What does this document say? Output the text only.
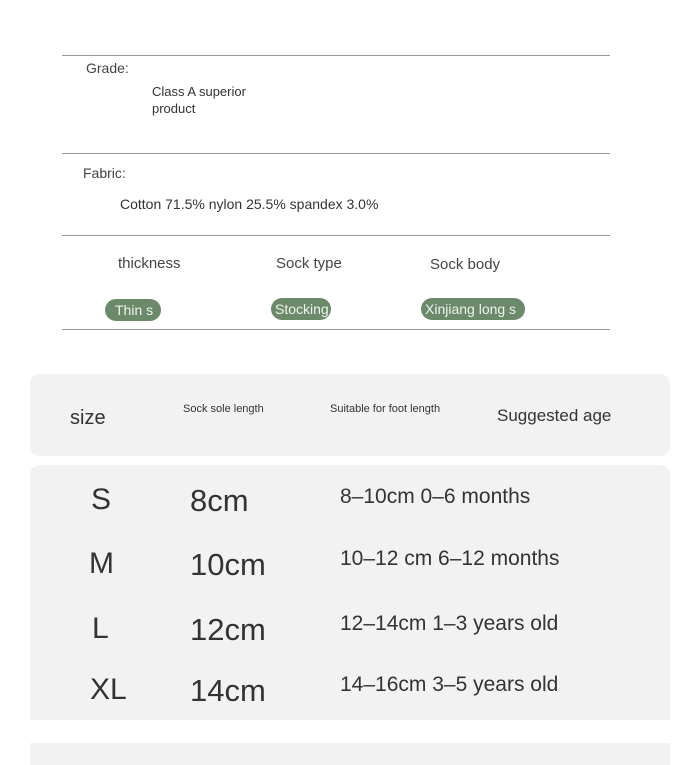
Grade:
Class A superior
product
Fabric:
Cotton 71.5% nylon 25.5% spandex 3.0%
thickness	Sock type	Sock body
Thin s	Stocking	Xinjiang long s
size	Sock sole length	Suitable for foot length	Suggested age
S	8cm	8–10cm 0–6 months
M 10cm	10–12 cm 6–12 months
L	12cm	12–14cm 1–3 years old
XL 14cm	14–16cm 3–5 years old
